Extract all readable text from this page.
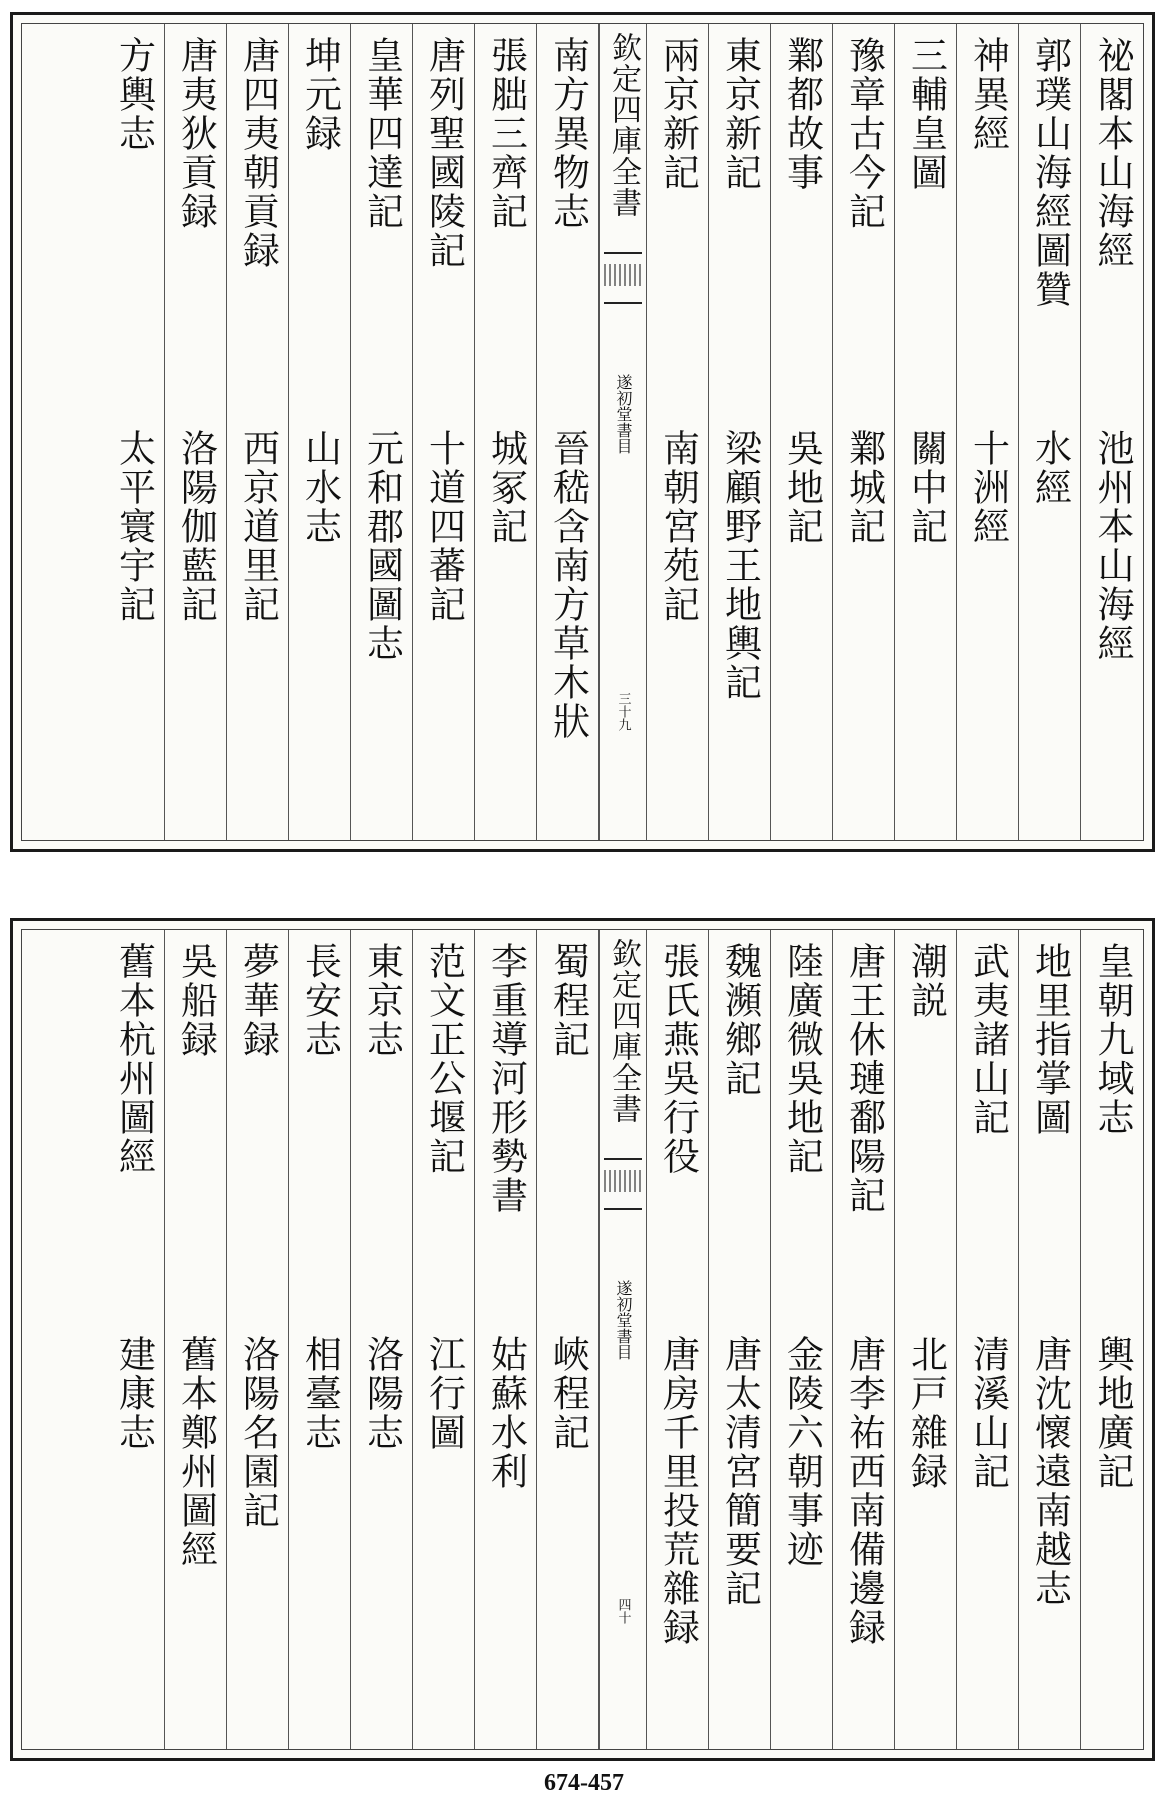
祕閣本山海經
池州本山海經
郭璞山海經圖贊
水經
神異經
十洲經
三輔皇圖
關中記
豫章古今記
鄴城記
鄴都故事
吳地記
東京新記
梁顧野王地輿記
兩京新記
南朝宮苑記
欽定四庫全書
遂初堂書目
三十九
南方異物志
晉嵇含南方草木狀
張胐三齊記
城冢記
唐列聖國陵記
十道四蕃記
皇華四達記
元和郡國圖志
坤元録
山水志
唐四夷朝貢録
西京道里記
唐夷狄貢録
洛陽伽藍記
方輿志
太平寰宇記
皇朝九域志
輿地廣記
地里指掌圖
唐沈懷遠南越志
武夷諸山記
清溪山記
潮説
北戸雜録
唐王休璉鄱陽記
唐李祐西南備邊録
陸廣微吳地記
金陵六朝事迹
魏瀕鄉記
唐太清宮簡要記
張氏燕吳行役
唐房千里投荒雜録
欽定四庫全書
遂初堂書目
四十
蜀程記
峽程記
李重導河形勢書
姑蘇水利
范文正公堰記
江行圖
東京志
洛陽志
長安志
相臺志
夢華録
洛陽名園記
吳船録
舊本鄭州圖經
舊本杭州圖經
建康志
674-457
